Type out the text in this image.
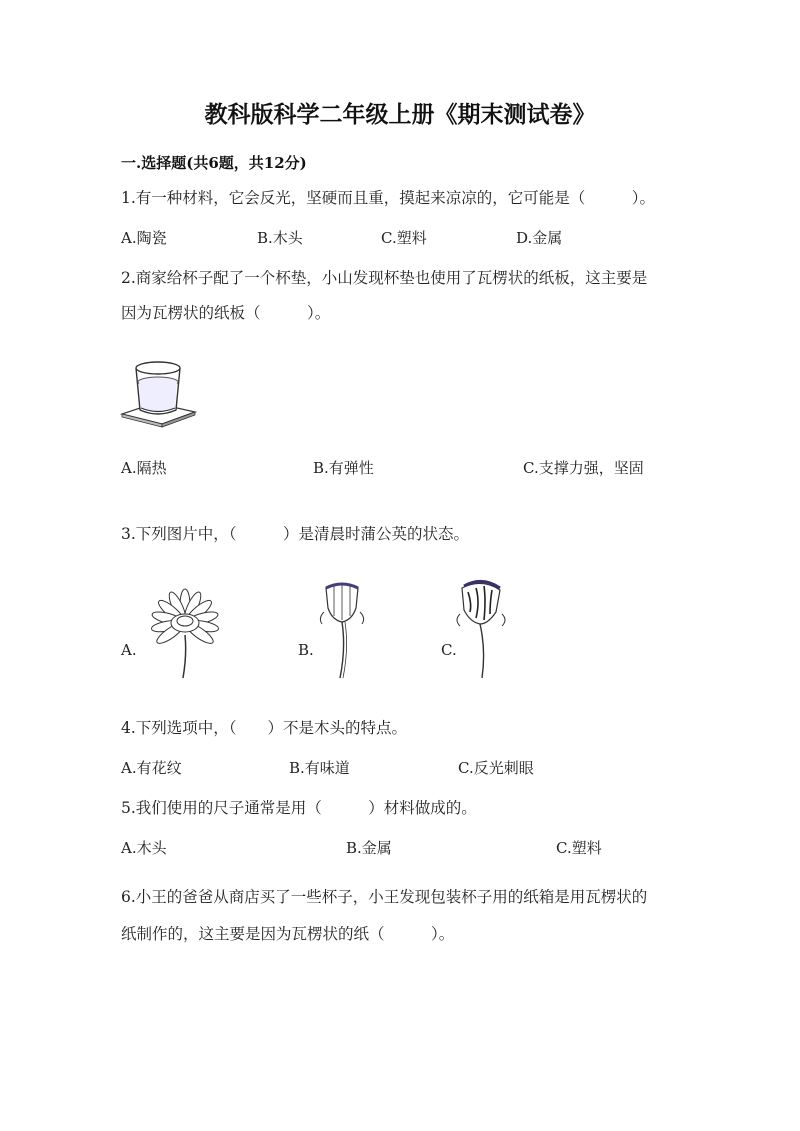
教科版科学二年级上册《期末测试卷》
一.选择题(共6题，共12分)
1.有一种材料，它会反光，坚硬而且重，摸起来凉凉的，它可能是（　　　）。
A.陶瓷	B.木头	C.塑料	D.金属
2.商家给杯子配了一个杯垫，小山发现杯垫也使用了瓦楞状的纸板，这主要是
因为瓦楞状的纸板（　　　）。
A.隔热	B.有弹性	C.支撑力强，坚固
3.下列图片中，（　　　）是清晨时蒲公英的状态。
A.	B.	C.
4.下列选项中，（　　）不是木头的特点。
A.有花纹	B.有味道	C.反光刺眼
5.我们使用的尺子通常是用（　　　）材料做成的。
A.木头	B.金属	C.塑料
6.小王的爸爸从商店买了一些杯子，小王发现包装杯子用的纸箱是用瓦楞状的
纸制作的，这主要是因为瓦楞状的纸（　　　）。
